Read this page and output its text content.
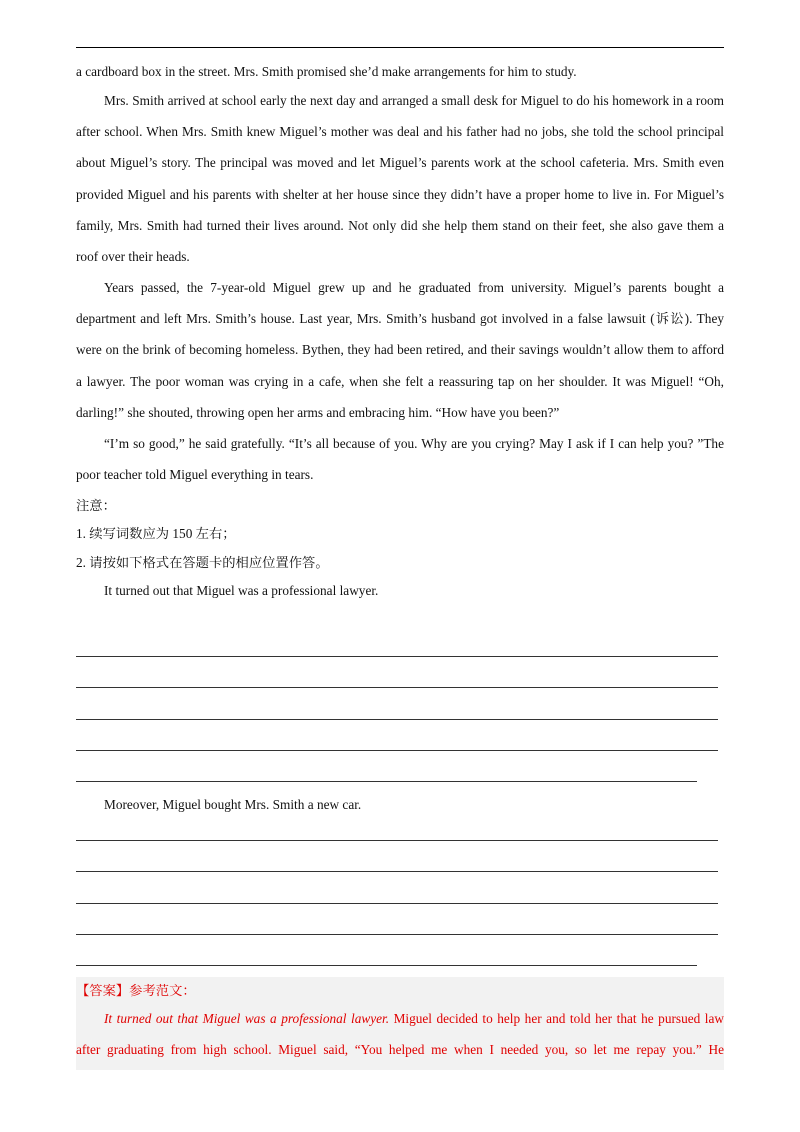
a cardboard box in the street. Mrs. Smith promised she’d make arrangements for him to study.

Mrs. Smith arrived at school early the next day and arranged a small desk for Miguel to do his homework in a room after school. When Mrs. Smith knew Miguel’s mother was deal and his father had no jobs, she told the school principal about Miguel’s story. The principal was moved and let Miguel’s parents work at the school cafeteria. Mrs. Smith even provided Miguel and his parents with shelter at her house since they didn’t have a proper home to live in. For Miguel’s family, Mrs. Smith had turned their lives around. Not only did she help them stand on their feet, she also gave them a roof over their heads.

Years passed, the 7-year-old Miguel grew up and he graduated from university. Miguel’s parents bought a department and left Mrs. Smith’s house. Last year, Mrs. Smith’s husband got involved in a false lawsuit (诉讼). They were on the brink of becoming homeless. Bythen, they had been retired, and their savings wouldn’t allow them to afford a lawyer. The poor woman was crying in a cafe, when she felt a reassuring tap on her shoulder. It was Miguel! “Oh, darling!” she shouted, throwing open her arms and embracing him. “How have you been?”

“I’m so good,” he said gratefully. “It’s all because of you. Why are you crying? May I ask if I can help you? ”The poor teacher told Miguel everything in tears.

注意：

1. 续写词数应为 150 左右；

2. 请按如下格式在答题卡的相应位置作答。

It turned out that Miguel was a professional lawyer.

Moreover, Miguel bought Mrs. Smith a new car.

【答案】参考范文：

It turned out that Miguel was a professional lawyer. Miguel decided to help her and told her that he pursued law after graduating from high school. Miguel said, “You helped me when I needed you, so let me repay you.” He
